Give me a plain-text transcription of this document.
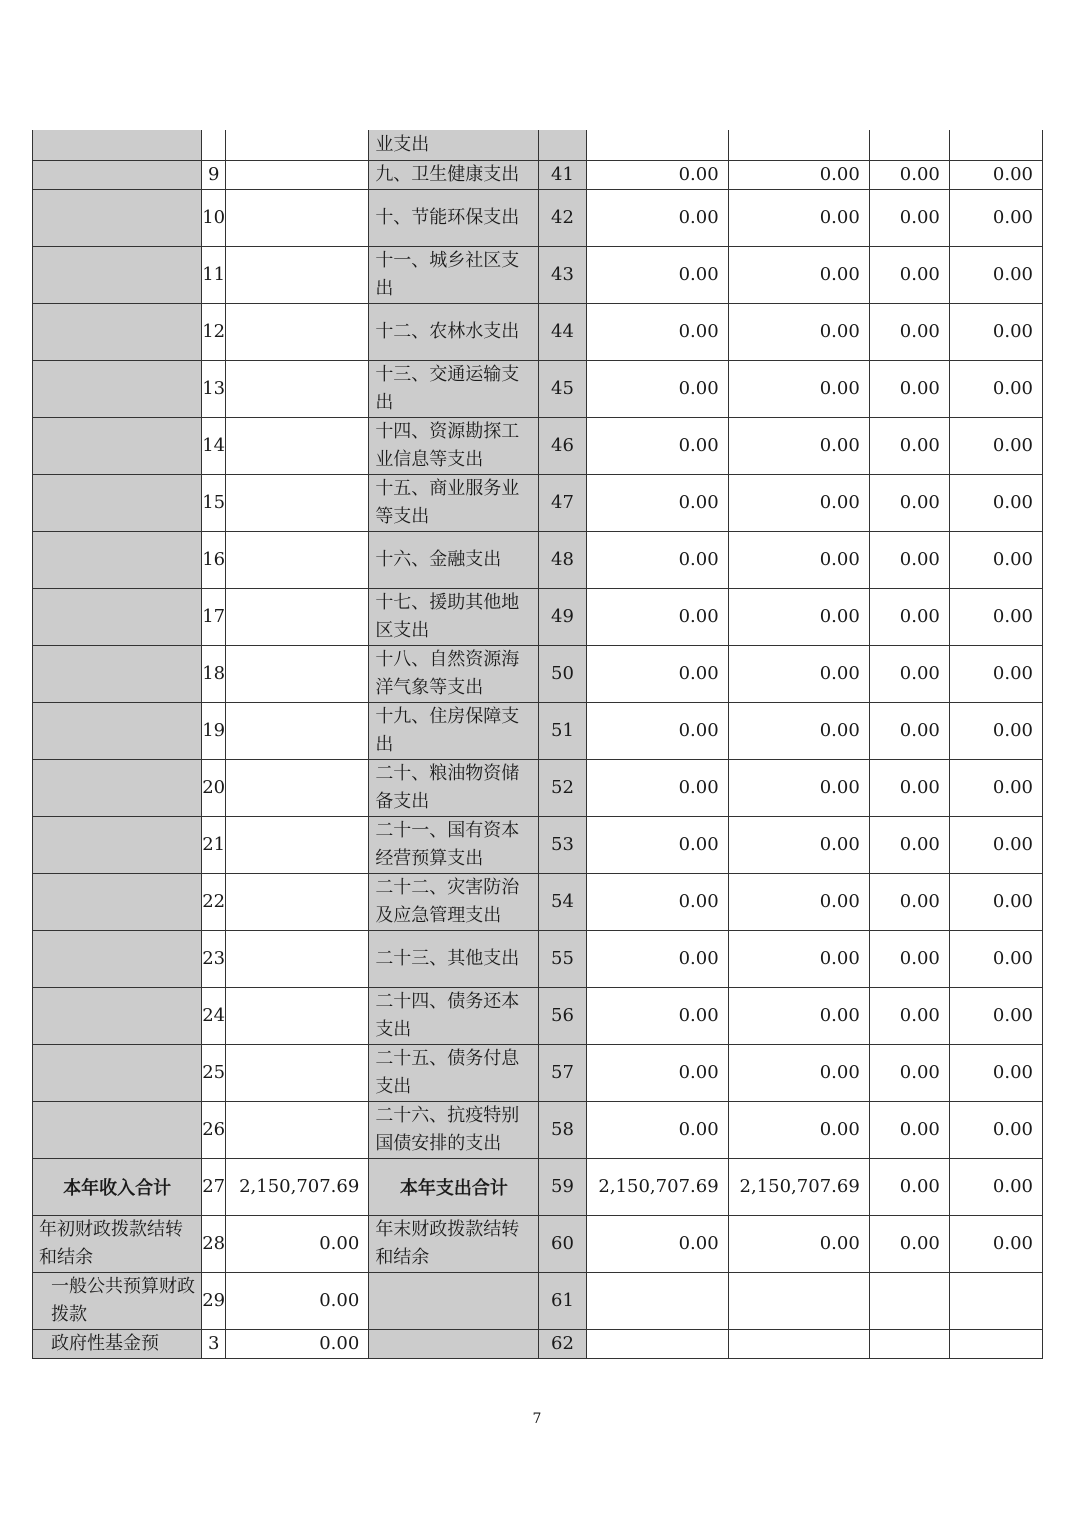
			业支出					
	9		九、卫生健康支出	41	0.00	0.00	0.00	0.00
	10		十、节能环保支出	42	0.00	0.00	0.00	0.00
	11		十一、城乡社区支出	43	0.00	0.00	0.00	0.00
	12		十二、农林水支出	44	0.00	0.00	0.00	0.00
	13		十三、交通运输支出	45	0.00	0.00	0.00	0.00
	14		十四、资源勘探工业信息等支出	46	0.00	0.00	0.00	0.00
	15		十五、商业服务业等支出	47	0.00	0.00	0.00	0.00
	16		十六、金融支出	48	0.00	0.00	0.00	0.00
	17		十七、援助其他地区支出	49	0.00	0.00	0.00	0.00
	18		十八、自然资源海洋气象等支出	50	0.00	0.00	0.00	0.00
	19		十九、住房保障支出	51	0.00	0.00	0.00	0.00
	20		二十、粮油物资储备支出	52	0.00	0.00	0.00	0.00
	21		二十一、国有资本经营预算支出	53	0.00	0.00	0.00	0.00
	22		二十二、灾害防治及应急管理支出	54	0.00	0.00	0.00	0.00
	23		二十三、其他支出	55	0.00	0.00	0.00	0.00
	24		二十四、债务还本支出	56	0.00	0.00	0.00	0.00
	25		二十五、债务付息支出	57	0.00	0.00	0.00	0.00
	26		二十六、抗疫特别国债安排的支出	58	0.00	0.00	0.00	0.00
本年收入合计	27	2,150,707.69	本年支出合计	59	2,150,707.69	2,150,707.69	0.00	0.00
年初财政拨款结转和结余	28	0.00	年末财政拨款结转和结余	60	0.00	0.00	0.00	0.00
一般公共预算财政拨款	29	0.00		61				
政府性基金预	3	0.00		62				
7
